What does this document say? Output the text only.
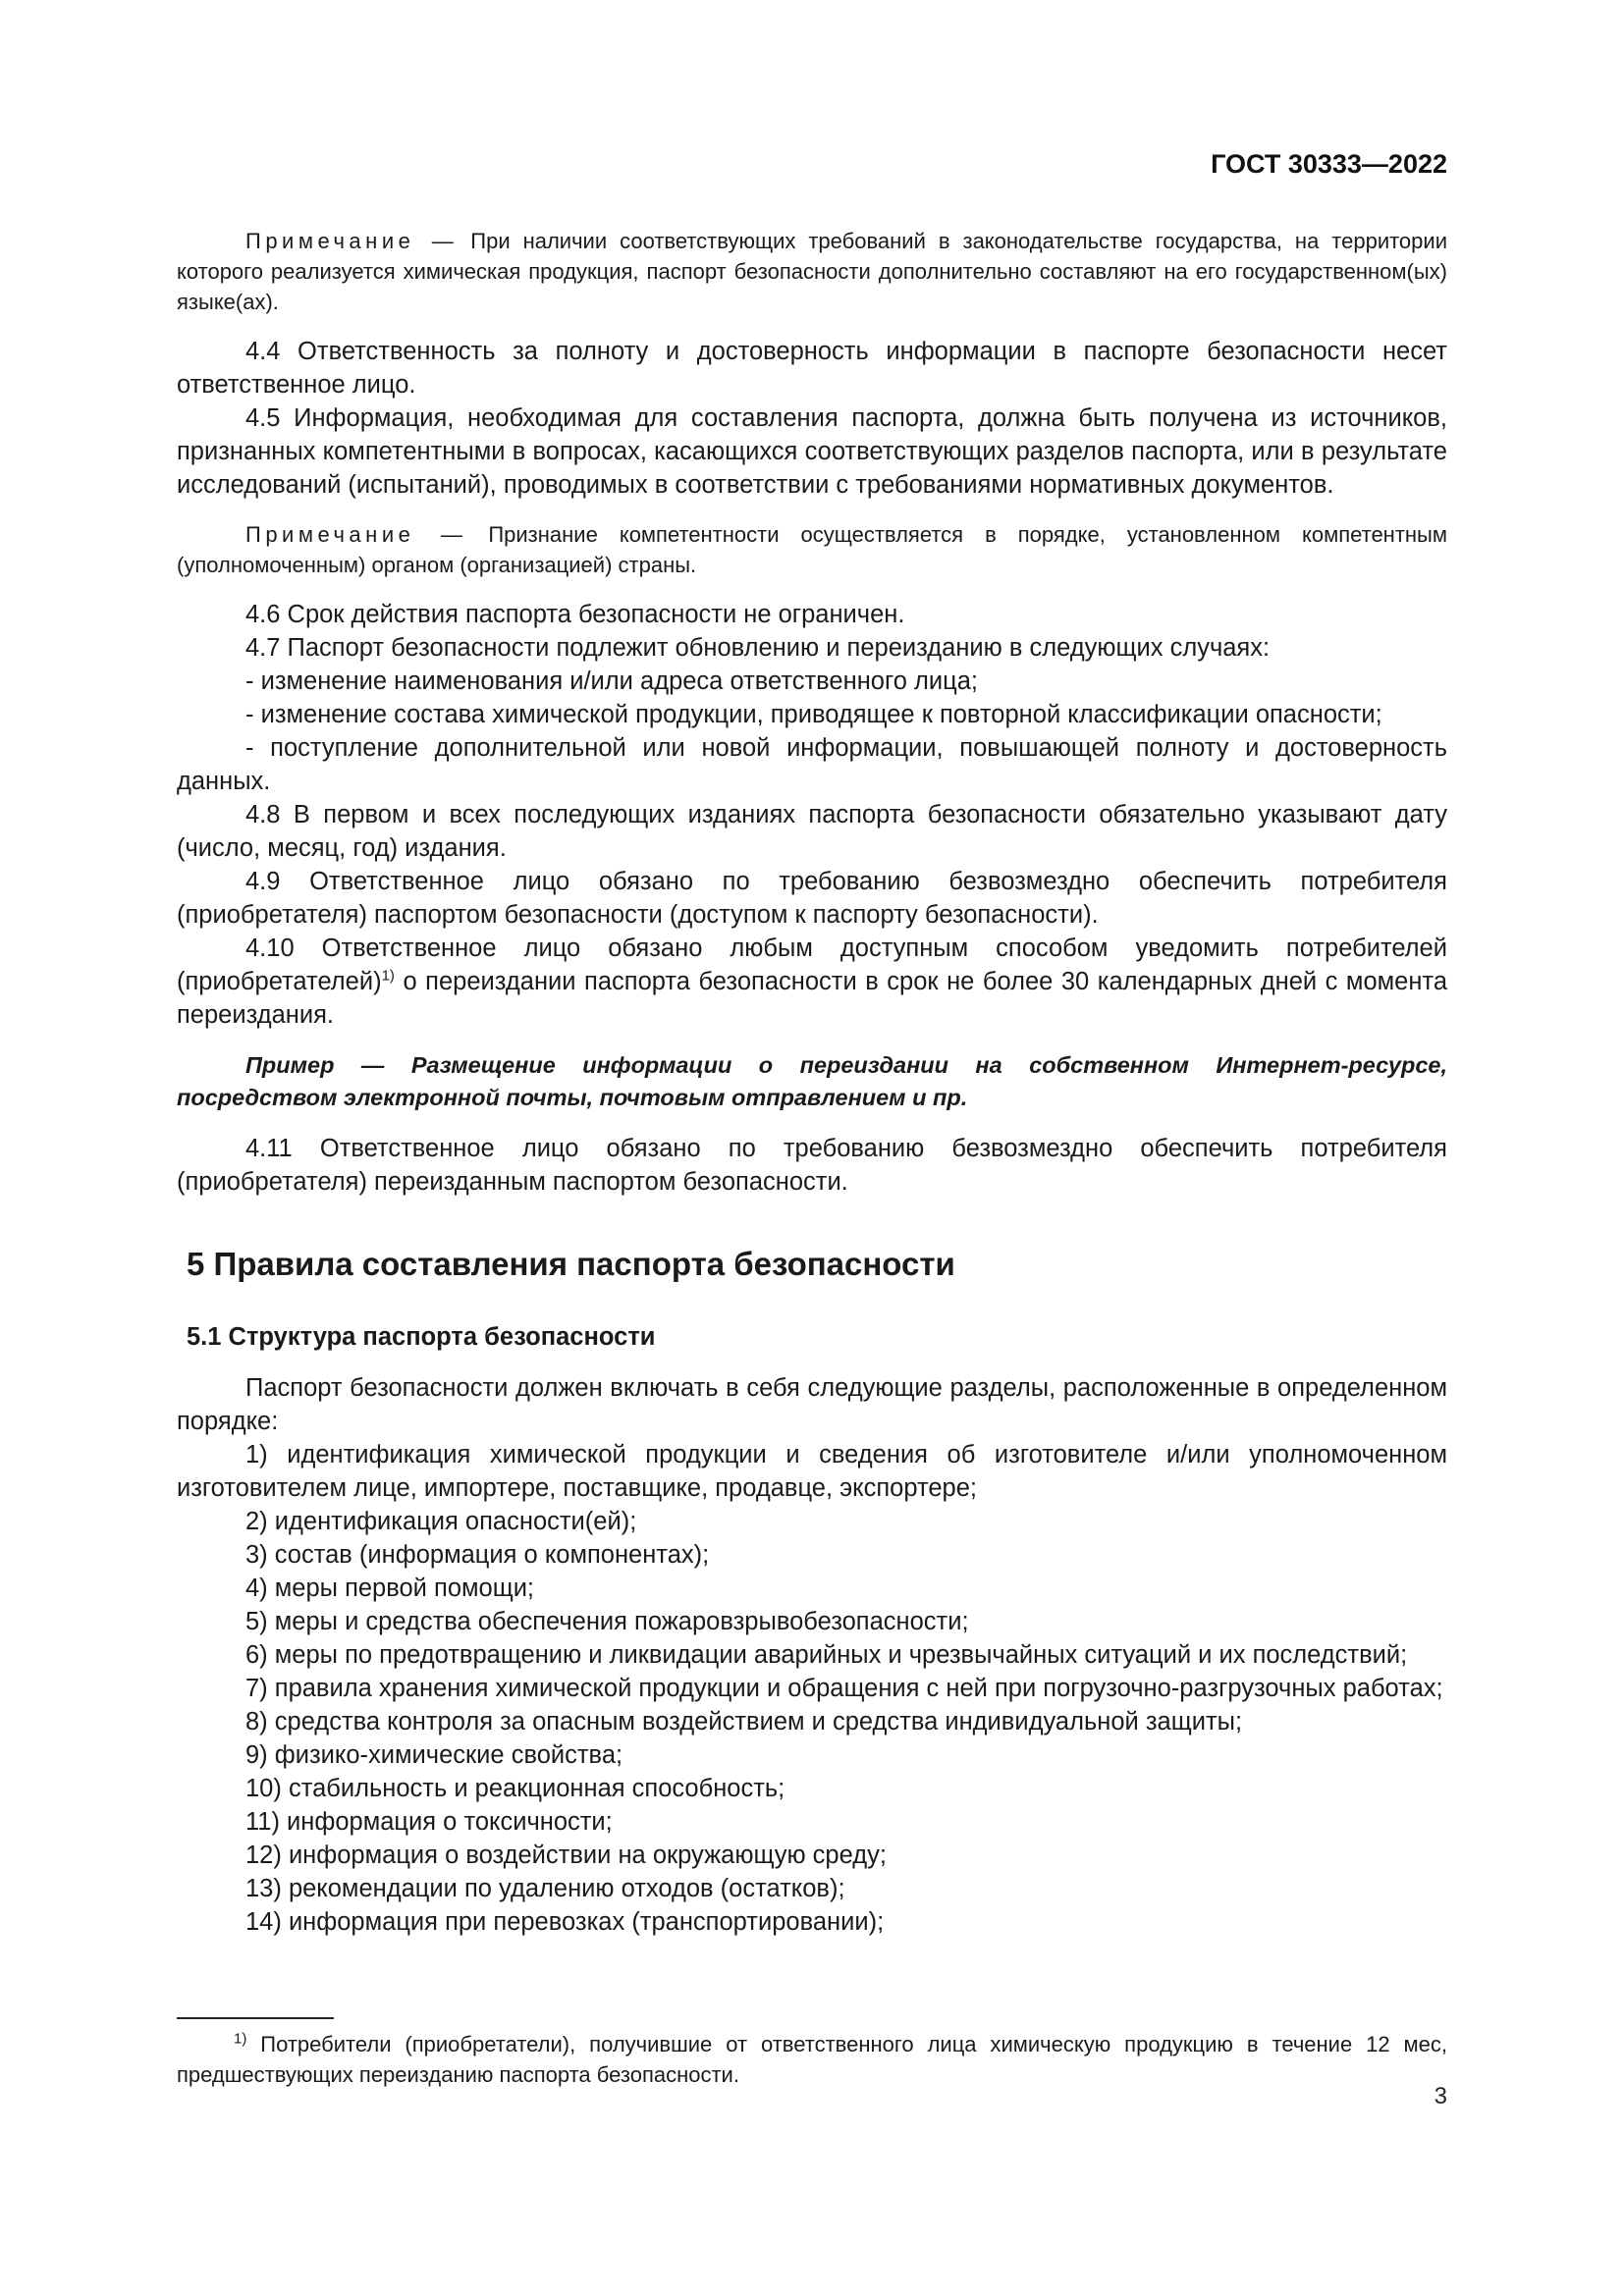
ГОСТ 30333—2022

Примечание — При наличии соответствующих требований в законодательстве государства, на территории которого реализуется химическая продукция, паспорт безопасности дополнительно составляют на его государственном(ых) языке(ах).

4.4 Ответственность за полноту и достоверность информации в паспорте безопасности несет ответственное лицо.

4.5 Информация, необходимая для составления паспорта, должна быть получена из источников, признанных компетентными в вопросах, касающихся соответствующих разделов паспорта, или в результате исследований (испытаний), проводимых в соответствии с требованиями нормативных документов.

Примечание — Признание компетентности осуществляется в порядке, установленном компетентным (уполномоченным) органом (организацией) страны.

4.6 Срок действия паспорта безопасности не ограничен.

4.7 Паспорт безопасности подлежит обновлению и переизданию в следующих случаях:

- изменение наименования и/или адреса ответственного лица;

- изменение состава химической продукции, приводящее к повторной классификации опасности;

- поступление дополнительной или новой информации, повышающей полноту и достоверность данных.

4.8 В первом и всех последующих изданиях паспорта безопасности обязательно указывают дату (число, месяц, год) издания.

4.9 Ответственное лицо обязано по требованию безвозмездно обеспечить потребителя (приобретателя) паспортом безопасности (доступом к паспорту безопасности).

4.10 Ответственное лицо обязано любым доступным способом уведомить потребителей (приобретателей)$^{1)}$ о переиздании паспорта безопасности в срок не более 30 календарных дней с момента переиздания.

Пример — Размещение информации о переиздании на собственном Интернет-ресурсе, посредством электронной почты, почтовым отправлением и пр.

4.11 Ответственное лицо обязано по требованию безвозмездно обеспечить потребителя (приобретателя) переизданным паспортом безопасности.

5 Правила составления паспорта безопасности
5.1 Структура паспорта безопасности

Паспорт безопасности должен включать в себя следующие разделы, расположенные в определенном порядке:

1) идентификация химической продукции и сведения об изготовителе и/или уполномоченном изготовителем лице, импортере, поставщике, продавце, экспортере;

2) идентификация опасности(ей);

3) состав (информация о компонентах);

4) меры первой помощи;

5) меры и средства обеспечения пожаровзрывобезопасности;

6) меры по предотвращению и ликвидации аварийных и чрезвычайных ситуаций и их последствий;

7) правила хранения химической продукции и обращения с ней при погрузочно-разгрузочных работах;

8) средства контроля за опасным воздействием и средства индивидуальной защиты;

9) физико-химические свойства;

10) стабильность и реакционная способность;

11) информация о токсичности;

12) информация о воздействии на окружающую среду;

13) рекомендации по удалению отходов (остатков);

14) информация при перевозках (транспортировании);

$^{1)}$ Потребители (приобретатели), получившие от ответственного лица химическую продукцию в течение 12 мес, предшествующих переизданию паспорта безопасности.

3
